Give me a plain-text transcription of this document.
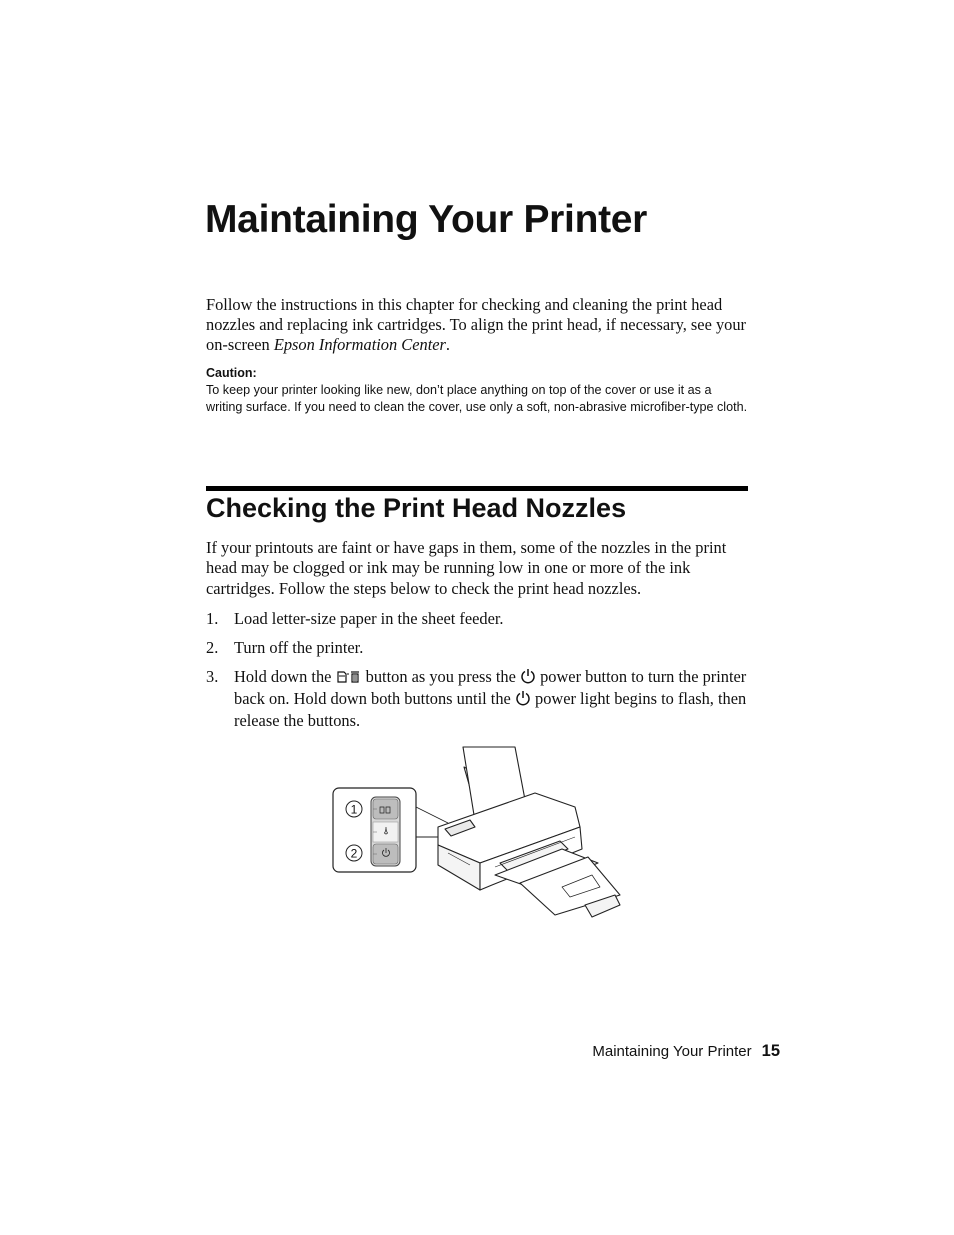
Maintaining Your Printer

Follow the instructions in this chapter for checking and cleaning the print head nozzles and replacing ink cartridges. To align the print head, if necessary, see your on-screen Epson Information Center.

Caution:

To keep your printer looking like new, don’t place anything on top of the cover or use it as a writing surface. If you need to clean the cover, use only a soft, non-abrasive microfiber-type cloth.

Checking the Print Head Nozzles

If your printouts are faint or have gaps in them, some of the nozzles in the print head may be clogged or ink may be running low in one or more of the ink cartridges. Follow the steps below to check the print head nozzles.

1. Load letter-size paper in the sheet feeder.
2. Turn off the printer.
3. Hold down the  button as you press the  power button to turn the printer back on. Hold down both buttons until the  power light begins to flash, then release the buttons.
1
2
Maintaining Your Printer 15
